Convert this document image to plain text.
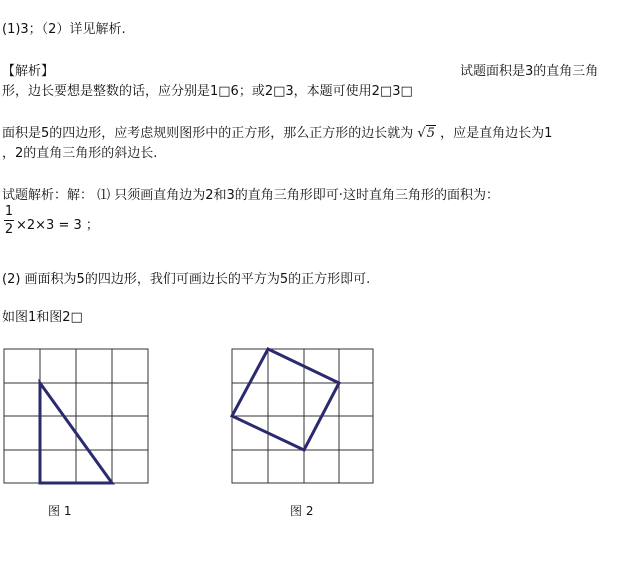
(1)3；（2）详见解析.
【解析】	试题面积是3的直角三角
形，边长要想是整数的话，应分别是1□6；或2□3，本题可使用2□3□
面积是5的四边形，应考虑规则图形中的正方形，那么正方形的边长就为 √5 ，应是直角边长为1
，2的直角三角形的斜边长.
试题解析：解： ⑴ 只须画直角边为2和3的直角三角形即可·这时直角三角形的面积为：
1
2 ×2×3 = 3 ；
(2) 画面积为5的四边形，我们可画边长的平方为5的正方形即可.
如图1和图2□
图 1	图 2
